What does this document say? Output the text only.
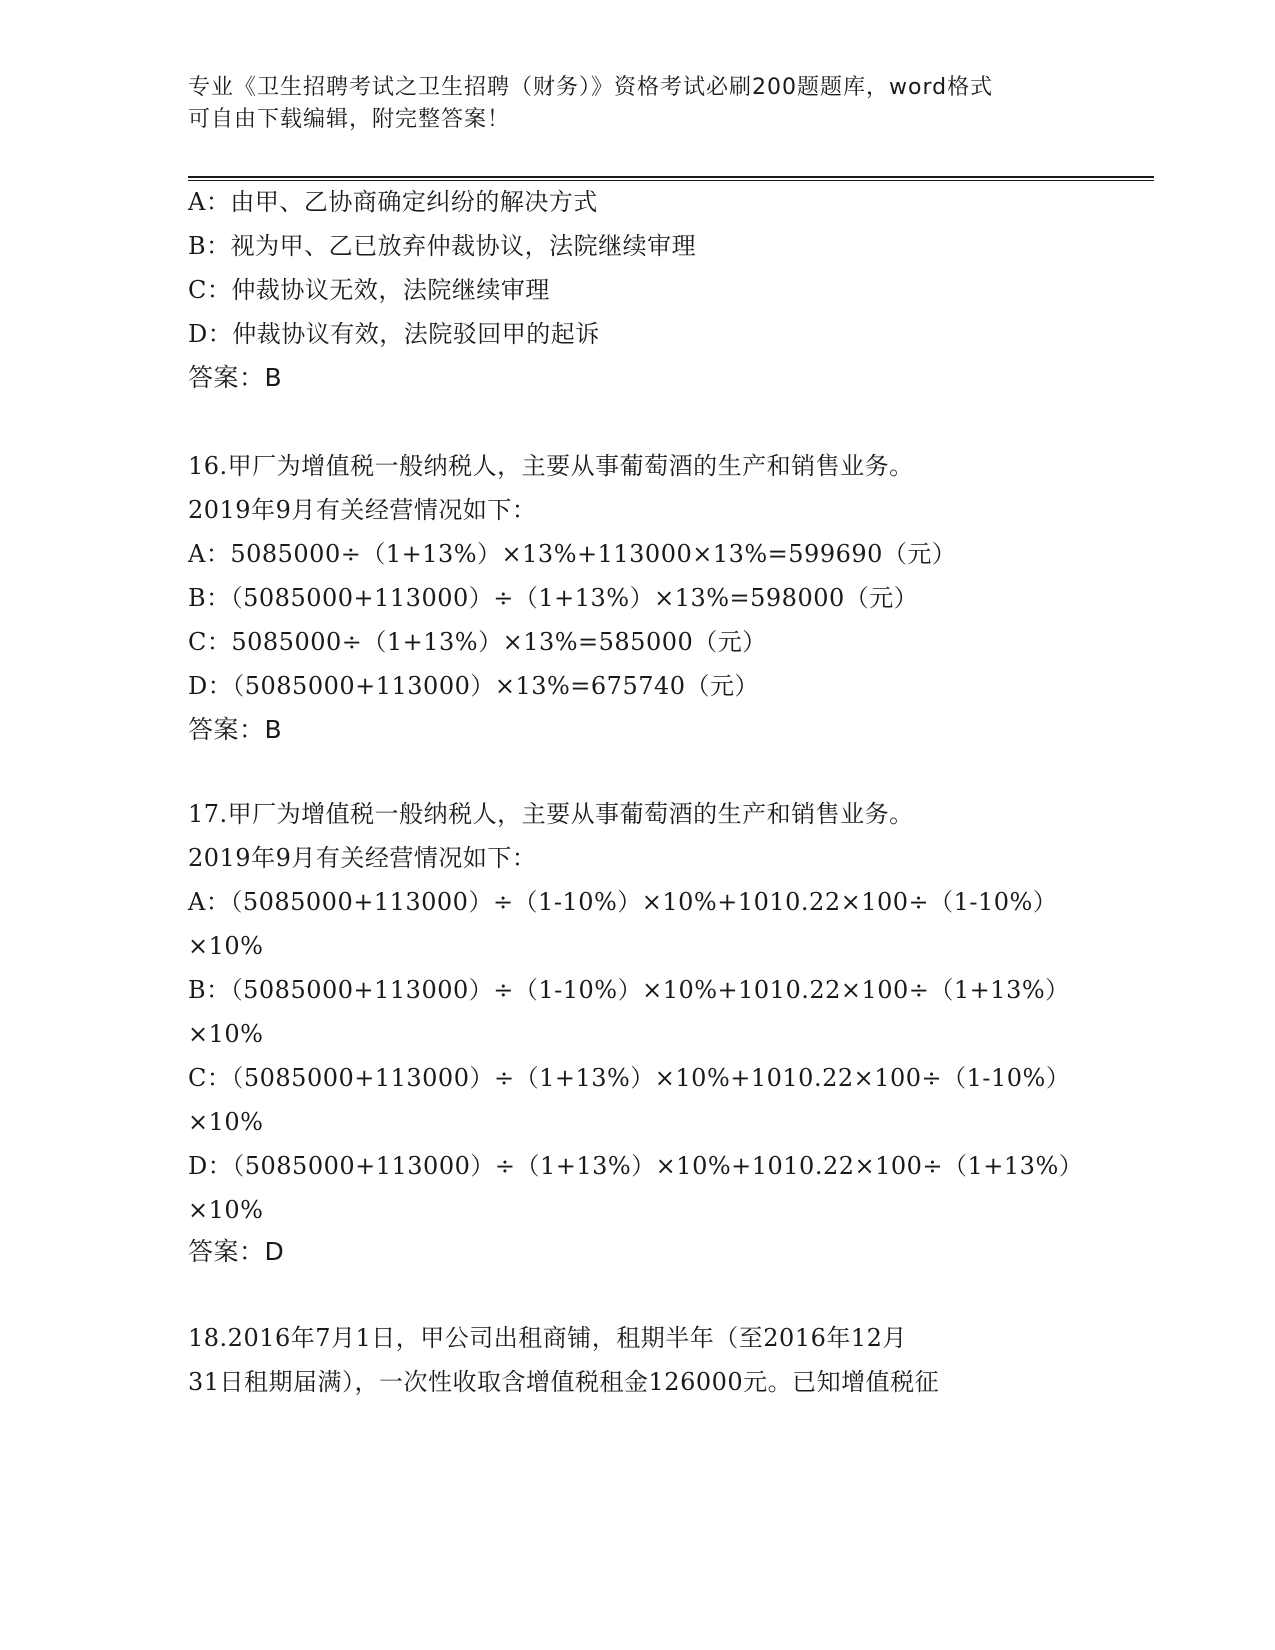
专业《卫生招聘考试之卫生招聘（财务）》资格考试必刷200题题库，word格式
可自由下载编辑，附完整答案！
A：由甲、乙协商确定纠纷的解决方式
B：视为甲、乙已放弃仲裁协议，法院继续审理
C：仲裁协议无效，法院继续审理
D：仲裁协议有效，法院驳回甲的起诉
答案：B
16.甲厂为增值税一般纳税人，主要从事葡萄酒的生产和销售业务。
2019年9月有关经营情况如下：
A：5085000÷（1+13%）×13%+113000×13%=599690（元）
B：（5085000+113000）÷（1+13%）×13%=598000（元）
C：5085000÷（1+13%）×13%=585000（元）
D：（5085000+113000）×13%=675740（元）
答案：B
17.甲厂为增值税一般纳税人，主要从事葡萄酒的生产和销售业务。
2019年9月有关经营情况如下：
A：（5085000+113000）÷（1-10%）×10%+1010.22×100÷（1-10%）
×10%
B：（5085000+113000）÷（1-10%）×10%+1010.22×100÷（1+13%）
×10%
C：（5085000+113000）÷（1+13%）×10%+1010.22×100÷（1-10%）
×10%
D：（5085000+113000）÷（1+13%）×10%+1010.22×100÷（1+13%）
×10%
答案：D
18.2016年7月1日，甲公司出租商铺，租期半年（至2016年12月
31日租期届满），一次性收取含增值税租金126000元。已知增值税征
